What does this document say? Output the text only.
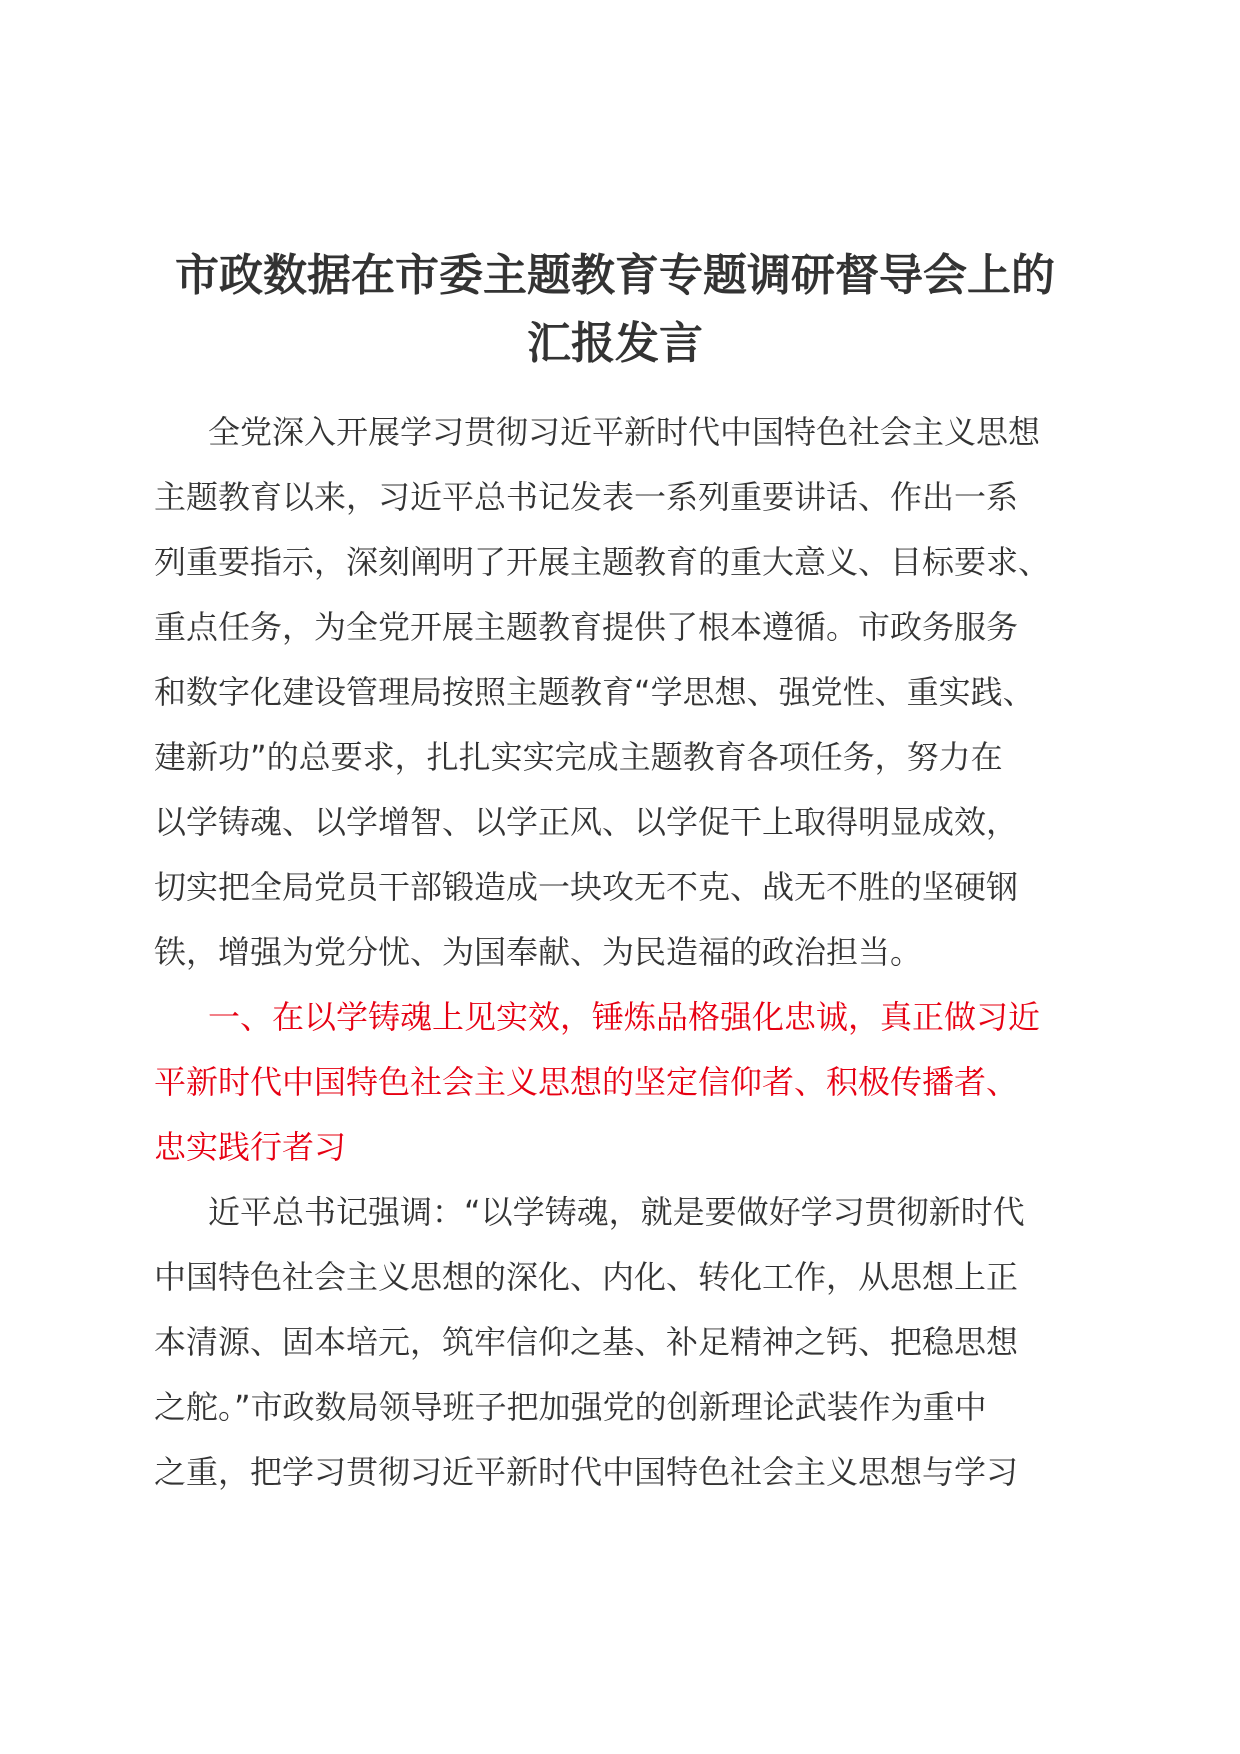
市政数据在市委主题教育专题调研督导会上的
汇报发言
全党深入开展学习贯彻习近平新时代中国特色社会主义思想
主题教育以来，习近平总书记发表一系列重要讲话、作出一系
列重要指示，深刻阐明了开展主题教育的重大意义、目标要求、
重点任务，为全党开展主题教育提供了根本遵循。市政务服务
和数字化建设管理局按照主题教育“学思想、强党性、重实践、
建新功”的总要求，扎扎实实完成主题教育各项任务，努力在
以学铸魂、以学增智、以学正风、以学促干上取得明显成效，
切实把全局党员干部锻造成一块攻无不克、战无不胜的坚硬钢
铁，增强为党分忧、为国奉献、为民造福的政治担当。
一、在以学铸魂上见实效，锤炼品格强化忠诚，真正做习近
平新时代中国特色社会主义思想的坚定信仰者、积极传播者、
忠实践行者习
近平总书记强调：“以学铸魂，就是要做好学习贯彻新时代
中国特色社会主义思想的深化、内化、转化工作，从思想上正
本清源、固本培元，筑牢信仰之基、补足精神之钙、把稳思想
之舵。”市政数局领导班子把加强党的创新理论武装作为重中
之重，把学习贯彻习近平新时代中国特色社会主义思想与学习
